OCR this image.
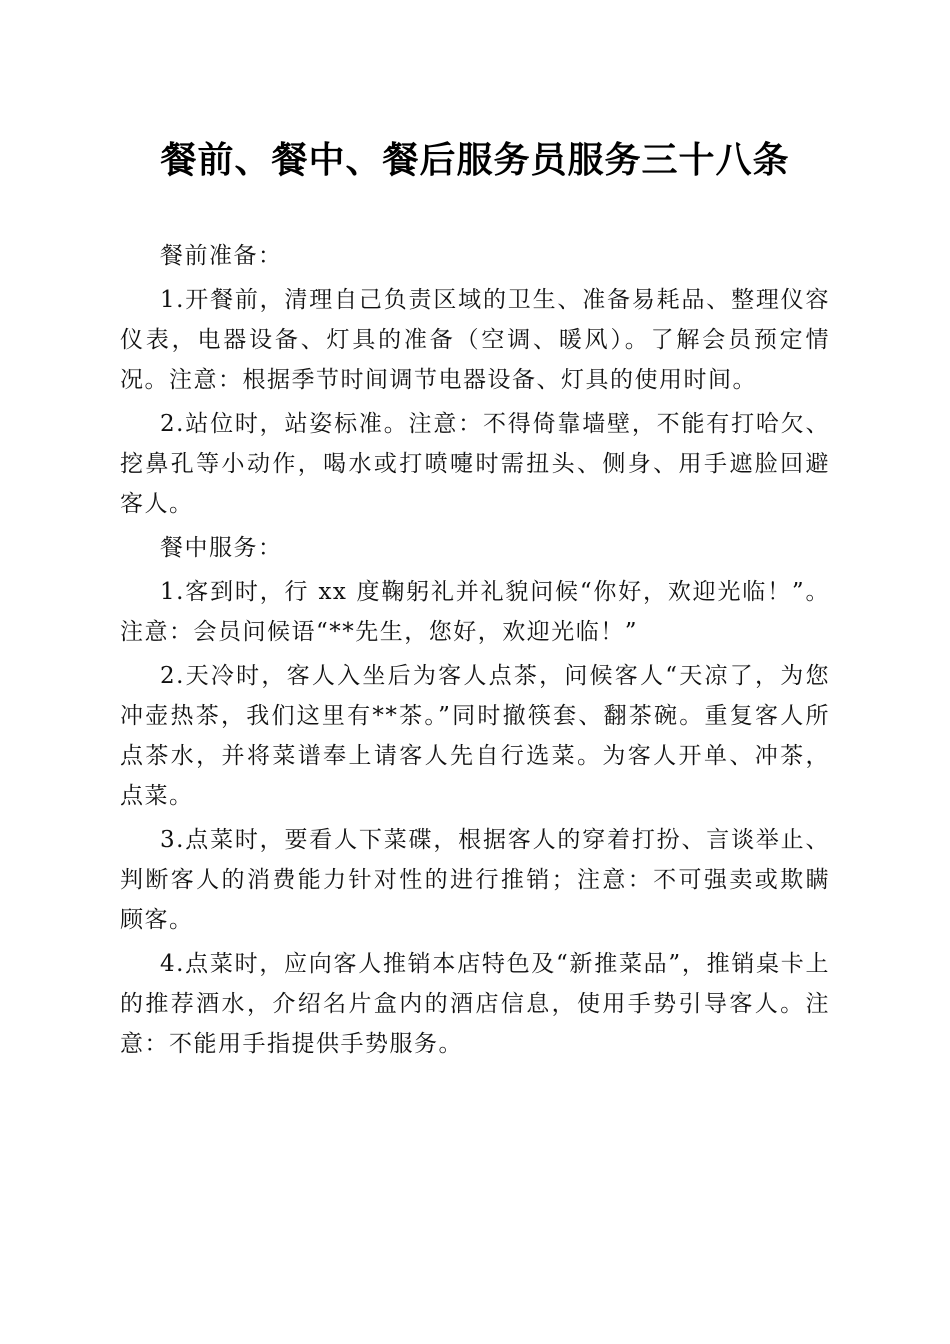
餐前、餐中、餐后服务员服务三十八条

餐前准备：

1.开餐前，清理自己负责区域的卫生、准备易耗品、整理仪容仪表，电器设备、灯具的准备（空调、暖风）。了解会员预定情况。注意：根据季节时间调节电器设备、灯具的使用时间。

2.站位时，站姿标准。注意：不得倚靠墙壁，不能有打哈欠、挖鼻孔等小动作，喝水或打喷嚏时需扭头、侧身、用手遮脸回避客人。

餐中服务：

1.客到时，行 xx 度鞠躬礼并礼貌问候“你好，欢迎光临！”。注意：会员问候语“**先生，您好，欢迎光临！”

2.天冷时，客人入坐后为客人点茶，问候客人“天凉了，为您冲壶热茶，我们这里有**茶。”同时撤筷套、翻茶碗。重复客人所点茶水，并将菜谱奉上请客人先自行选菜。为客人开单、冲茶，点菜。

3.点菜时，要看人下菜碟，根据客人的穿着打扮、言谈举止、判断客人的消费能力针对性的进行推销；注意：不可强卖或欺瞒顾客。

4.点菜时，应向客人推销本店特色及“新推菜品”，推销桌卡上的推荐酒水，介绍名片盒内的酒店信息，使用手势引导客人。注意：不能用手指提供手势服务。
